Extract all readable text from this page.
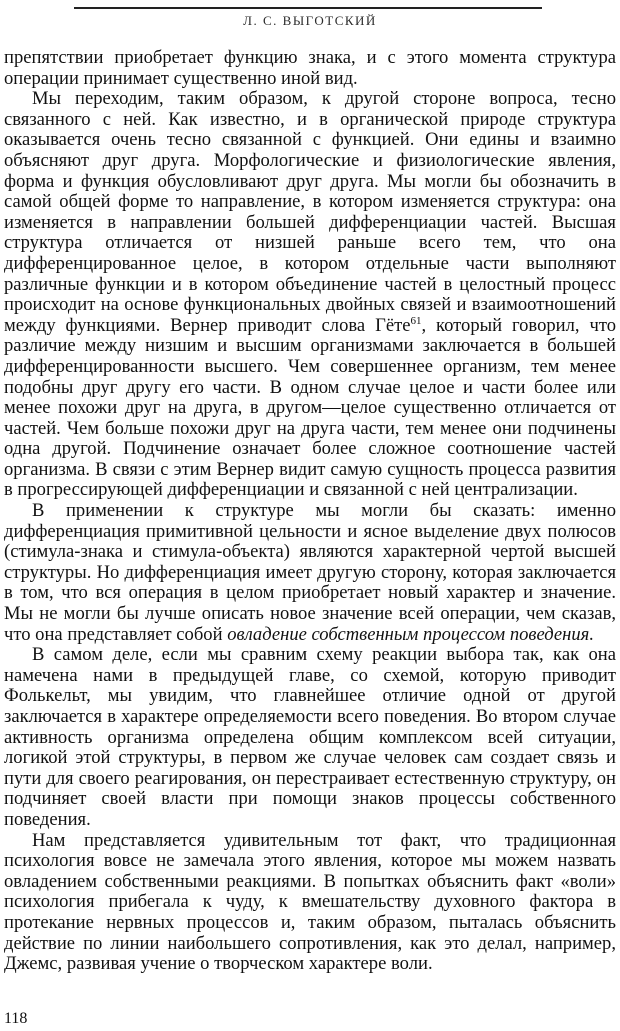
Л. С. ВЫГОТСКИЙ

препятствии приобретает функцию знака, и с этого момента структура операции принимает существенно иной вид.

Мы переходим, таким образом, к другой стороне вопроса, тесно связанного с ней. Как известно, и в органической природе структура оказывается очень тесно связанной с функцией. Они едины и взаимно объясняют друг друга. Морфологические и физиологические явления, форма и функция обусловливают друг друга. Мы могли бы обозначить в самой общей форме то направление, в котором изменяется структура: она изменяется в направлении большей дифференциации частей. Высшая структура отличается от низшей раньше всего тем, что она дифференцированное целое, в котором отдельные части выполняют различные функции и в котором объединение частей в целостный процесс происходит на основе функциональных двойных связей и взаимоотношений между функциями. Вернер приводит слова Гёте$^{61}$, который говорил, что различие между низшим и высшим организмами заключается в большей дифференцированности высшего. Чем совершеннее организм, тем менее подобны друг другу его части. В одном случае целое и части более или менее похожи друг на друга, в другом—целое существенно отличается от частей. Чем больше похожи друг на друга части, тем менее они подчинены одна другой. Подчинение означает более сложное соотношение частей организма. В связи с этим Вернер видит самую сущность процесса развития в прогрессирующей дифференциации и связанной с ней централизации.

В применении к структуре мы могли бы сказать: именно дифференциация примитивной цельности и ясное выделение двух полюсов (стимула-знака и стимула-объекта) являются характерной чертой высшей структуры. Но дифференциация имеет другую сторону, которая заключается в том, что вся операция в целом приобретает новый характер и значение. Мы не могли бы лучше описать новое значение всей операции, чем сказав, что она представляет собой овладение собственным процессом поведения.

В самом деле, если мы сравним схему реакции выбора так, как она намечена нами в предыдущей главе, со схемой, которую приводит Фолькельт, мы увидим, что главнейшее отличие одной от другой заключается в характере определяемости всего поведения. Во втором случае активность организма определена общим комплексом всей ситуации, логикой этой структуры, в первом же случае человек сам создает связь и пути для своего реагирования, он перестраивает естественную структуру, он подчиняет своей власти при помощи знаков процессы собственного поведения.

Нам представляется удивительным тот факт, что традиционная психология вовсе не замечала этого явления, которое мы можем назвать овладением собственными реакциями. В попытках объяснить факт «воли» психология прибегала к чуду, к вмешательству духовного фактора в протекание нервных процессов и, таким образом, пыталась объяснить действие по линии наибольшего сопротивления, как это делал, например, Джемс, развивая учение о творческом характере воли.

118
